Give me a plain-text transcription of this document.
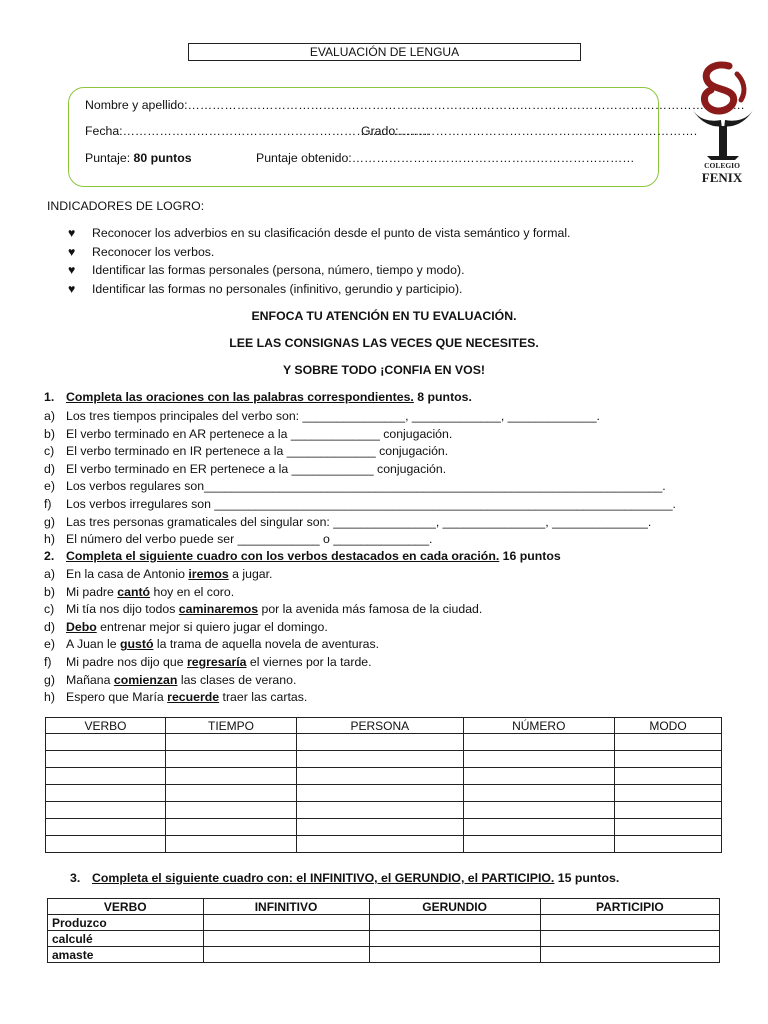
EVALUACIÓN DE LENGUA
Nombre y apellido:……………………………………………………………………………………………………………………….
Fecha:…………………………………………………………………
Grado:……………………………………………………………….
Puntaje: 80 puntos	Puntaje obtenido:……………………………………………………………
COLEGIO
FENIX
INDICADORES DE LOGRO:
♥ Reconocer los adverbios en su clasificación desde el punto de vista semántico y formal.
♥ Reconocer los verbos.
♥ Identificar las formas personales (persona, número, tiempo y modo).
♥ Identificar las formas no personales (infinitivo, gerundio y participio).
ENFOCA TU ATENCIÓN EN TU EVALUACIÓN.
LEE LAS CONSIGNAS LAS VECES QUE NECESITES.
Y SOBRE TODO ¡CONFIA EN VOS!
1. Completa las oraciones con las palabras correspondientes. 8 puntos.
a) Los tres tiempos principales del verbo son: _______________, _____________, _____________.
b) El verbo terminado en AR pertenece a la _____________ conjugación.
c) El verbo terminado en IR pertenece a la _____________ conjugación.
d) El verbo terminado en ER pertenece a la ____________ conjugación.
e) Los verbos regulares son___________________________________________________________________.
f) Los verbos irregulares son ___________________________________________________________________.
g) Las tres personas gramaticales del singular son: _______________, _______________, ______________.
h) El número del verbo puede ser ____________ o ______________.
2. Completa el siguiente cuadro con los verbos destacados en cada oración. 16 puntos
a) En la casa de Antonio iremos a jugar.
b) Mi padre cantó hoy en el coro.
c) Mi tía nos dijo todos caminaremos por la avenida más famosa de la ciudad.
d) Debo entrenar mejor si quiero jugar el domingo.
e) A Juan le gustó la trama de aquella novela de aventuras.
f) Mi padre nos dijo que regresaría el viernes por la tarde.
g) Mañana comienzan las clases de verano.
h) Espero que María recuerde traer las cartas.
VERBO	TIEMPO	PERSONA	NÚMERO	MODO

3. Completa el siguiente cuadro con: el INFINITIVO, el GERUNDIO, el PARTICIPIO. 15 puntos.
VERBO	INFINITIVO	GERUNDIO	PARTICIPIO
Produzco			
calculé			
amaste			
